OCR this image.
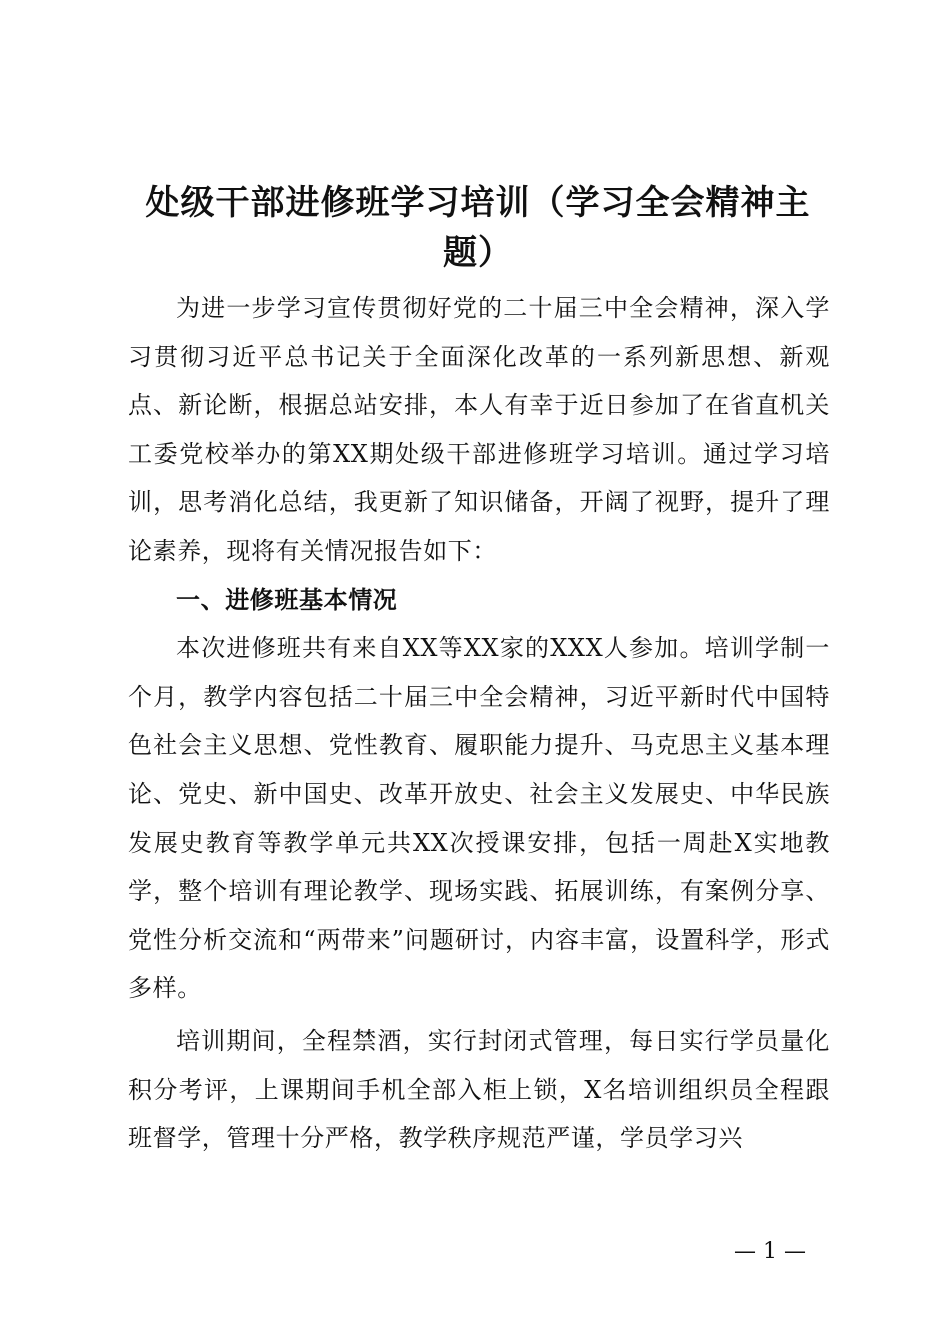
处级干部进修班学习培训（学习全会精神主题）

为进一步学习宣传贯彻好党的二十届三中全会精神，深入学习贯彻习近平总书记关于全面深化改革的一系列新思想、新观点、新论断，根据总站安排，本人有幸于近日参加了在省直机关工委党校举办的第XX期处级干部进修班学习培训。通过学习培训，思考消化总结，我更新了知识储备，开阔了视野，提升了理论素养，现将有关情况报告如下：

一、进修班基本情况

本次进修班共有来自XX等XX家的XXX人参加。培训学制一个月，教学内容包括二十届三中全会精神，习近平新时代中国特色社会主义思想、党性教育、履职能力提升、马克思主义基本理论、党史、新中国史、改革开放史、社会主义发展史、中华民族发展史教育等教学单元共XX次授课安排，包括一周赴X实地教学，整个培训有理论教学、现场实践、拓展训练，有案例分享、党性分析交流和“两带来”问题研讨，内容丰富，设置科学，形式多样。

培训期间，全程禁酒，实行封闭式管理，每日实行学员量化积分考评，上课期间手机全部入柜上锁，X名培训组织员全程跟班督学，管理十分严格，教学秩序规范严谨，学员学习兴

— 1 —
